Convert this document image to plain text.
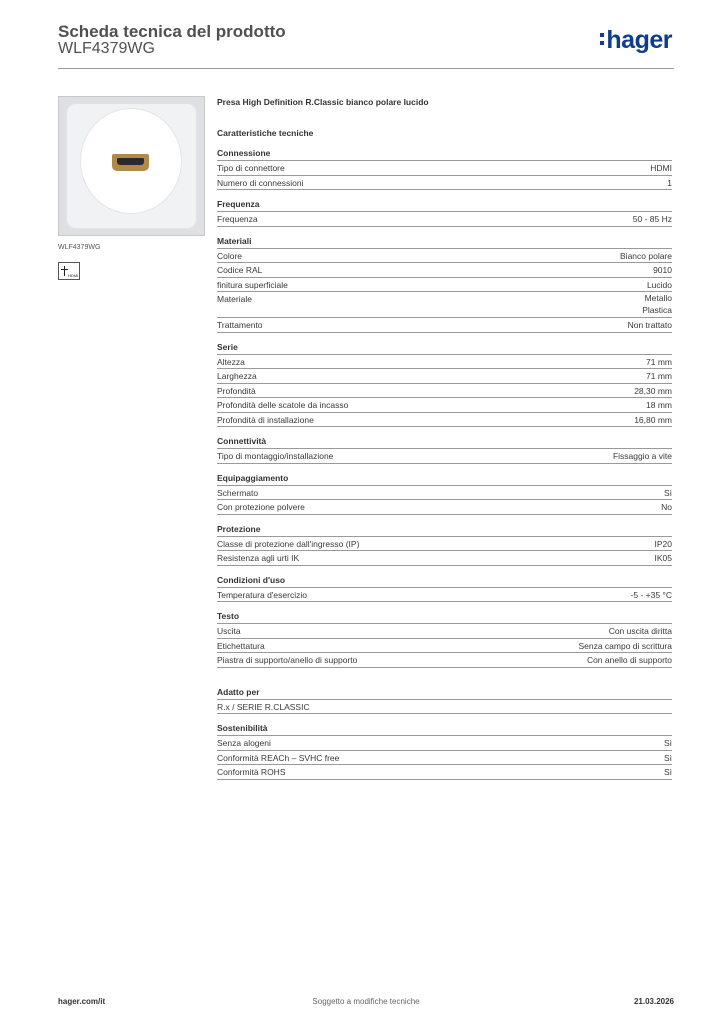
Scheda tecnica del prodotto
WLF4379WG	hager
WLF4379WG
HDMI
Presa High Definition R.Classic bianco polare lucido
Caratteristiche tecniche
Connessione
Tipo di connettore	HDMI
Numero di connessioni	1
Frequenza
Frequenza	50 - 85 Hz
Materiali
Colore	Bianco polare
Codice RAL	9010
finitura superficiale	Lucido
Materiale	Metallo
Plastica
Trattamento	Non trattato
Serie
Altezza	71 mm
Larghezza	71 mm
Profondità	28,30 mm
Profondità delle scatole da incasso	18 mm
Profondità di installazione	16,80 mm
Connettività
Tipo di montaggio/installazione	Fissaggio a vite
Equipaggiamento
Schermato	Sì
Con protezione polvere	No
Protezione
Classe di protezione dall'ingresso (IP)	IP20
Resistenza agli urti IK	IK05
Condizioni d'uso
Temperatura d'esercizio	-5 - +35 °C
Testo
Uscita	Con uscita diritta
Etichettatura	Senza campo di scrittura
Piastra di supporto/anello di supporto	Con anello di supporto
Adatto per
R.x / SERIE R.CLASSIC
Sostenibilità
Senza alogeni	Sì
Conformità REACh – SVHC free	Sì
Conformità ROHS	Sì
Soggetto a modifiche tecniche
hager.com/it	21.03.2026
